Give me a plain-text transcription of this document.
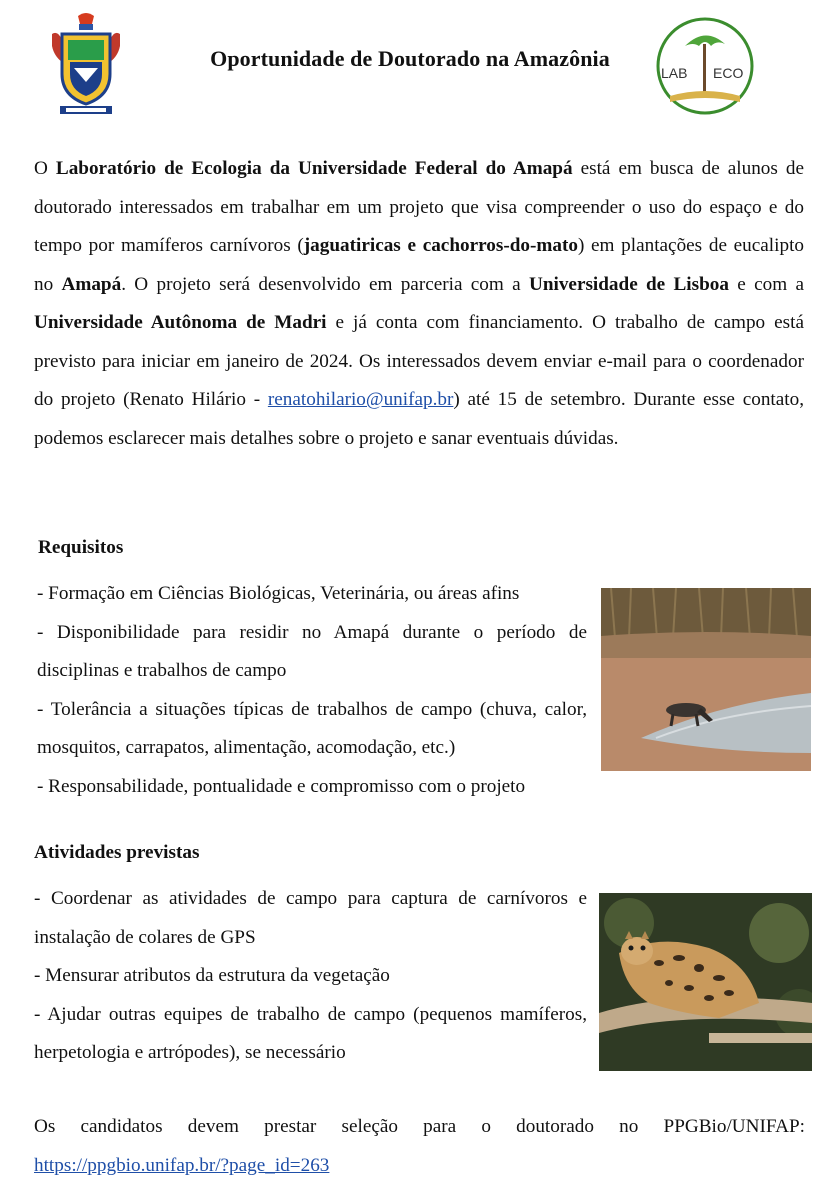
LAB ECO
Oportunidade de Doutorado na Amazônia
O Laboratório de Ecologia da Universidade Federal do Amapá está em busca de alunos de doutorado interessados em trabalhar em um projeto que visa compreender o uso do espaço e do tempo por mamíferos carnívoros (jaguatiricas e cachorros-do-mato) em plantações de eucalipto no Amapá. O projeto será desenvolvido em parceria com a Universidade de Lisboa e com a Universidade Autônoma de Madri e já conta com financiamento. O trabalho de campo está previsto para iniciar em janeiro de 2024. Os interessados devem enviar e-mail para o coordenador do projeto (Renato Hilário - renatohilario@unifap.br) até 15 de setembro. Durante esse contato, podemos esclarecer mais detalhes sobre o projeto e sanar eventuais dúvidas.
Requisitos
- Formação em Ciências Biológicas, Veterinária, ou áreas afins
- Disponibilidade para residir no Amapá durante o período de disciplinas e trabalhos de campo
- Tolerância a situações típicas de trabalhos de campo (chuva, calor, mosquitos, carrapatos, alimentação, acomodação, etc.)
- Responsabilidade, pontualidade e compromisso com o projeto
Atividades previstas
- Coordenar as atividades de campo para captura de carnívoros e instalação de colares de GPS
- Mensurar atributos da estrutura da vegetação
- Ajudar outras equipes de trabalho de campo (pequenos mamíferos, herpetologia e artrópodes), se necessário
Os candidatos devem prestar seleção para o doutorado no PPGBio/UNIFAP: https://ppgbio.unifap.br/?page_id=263
